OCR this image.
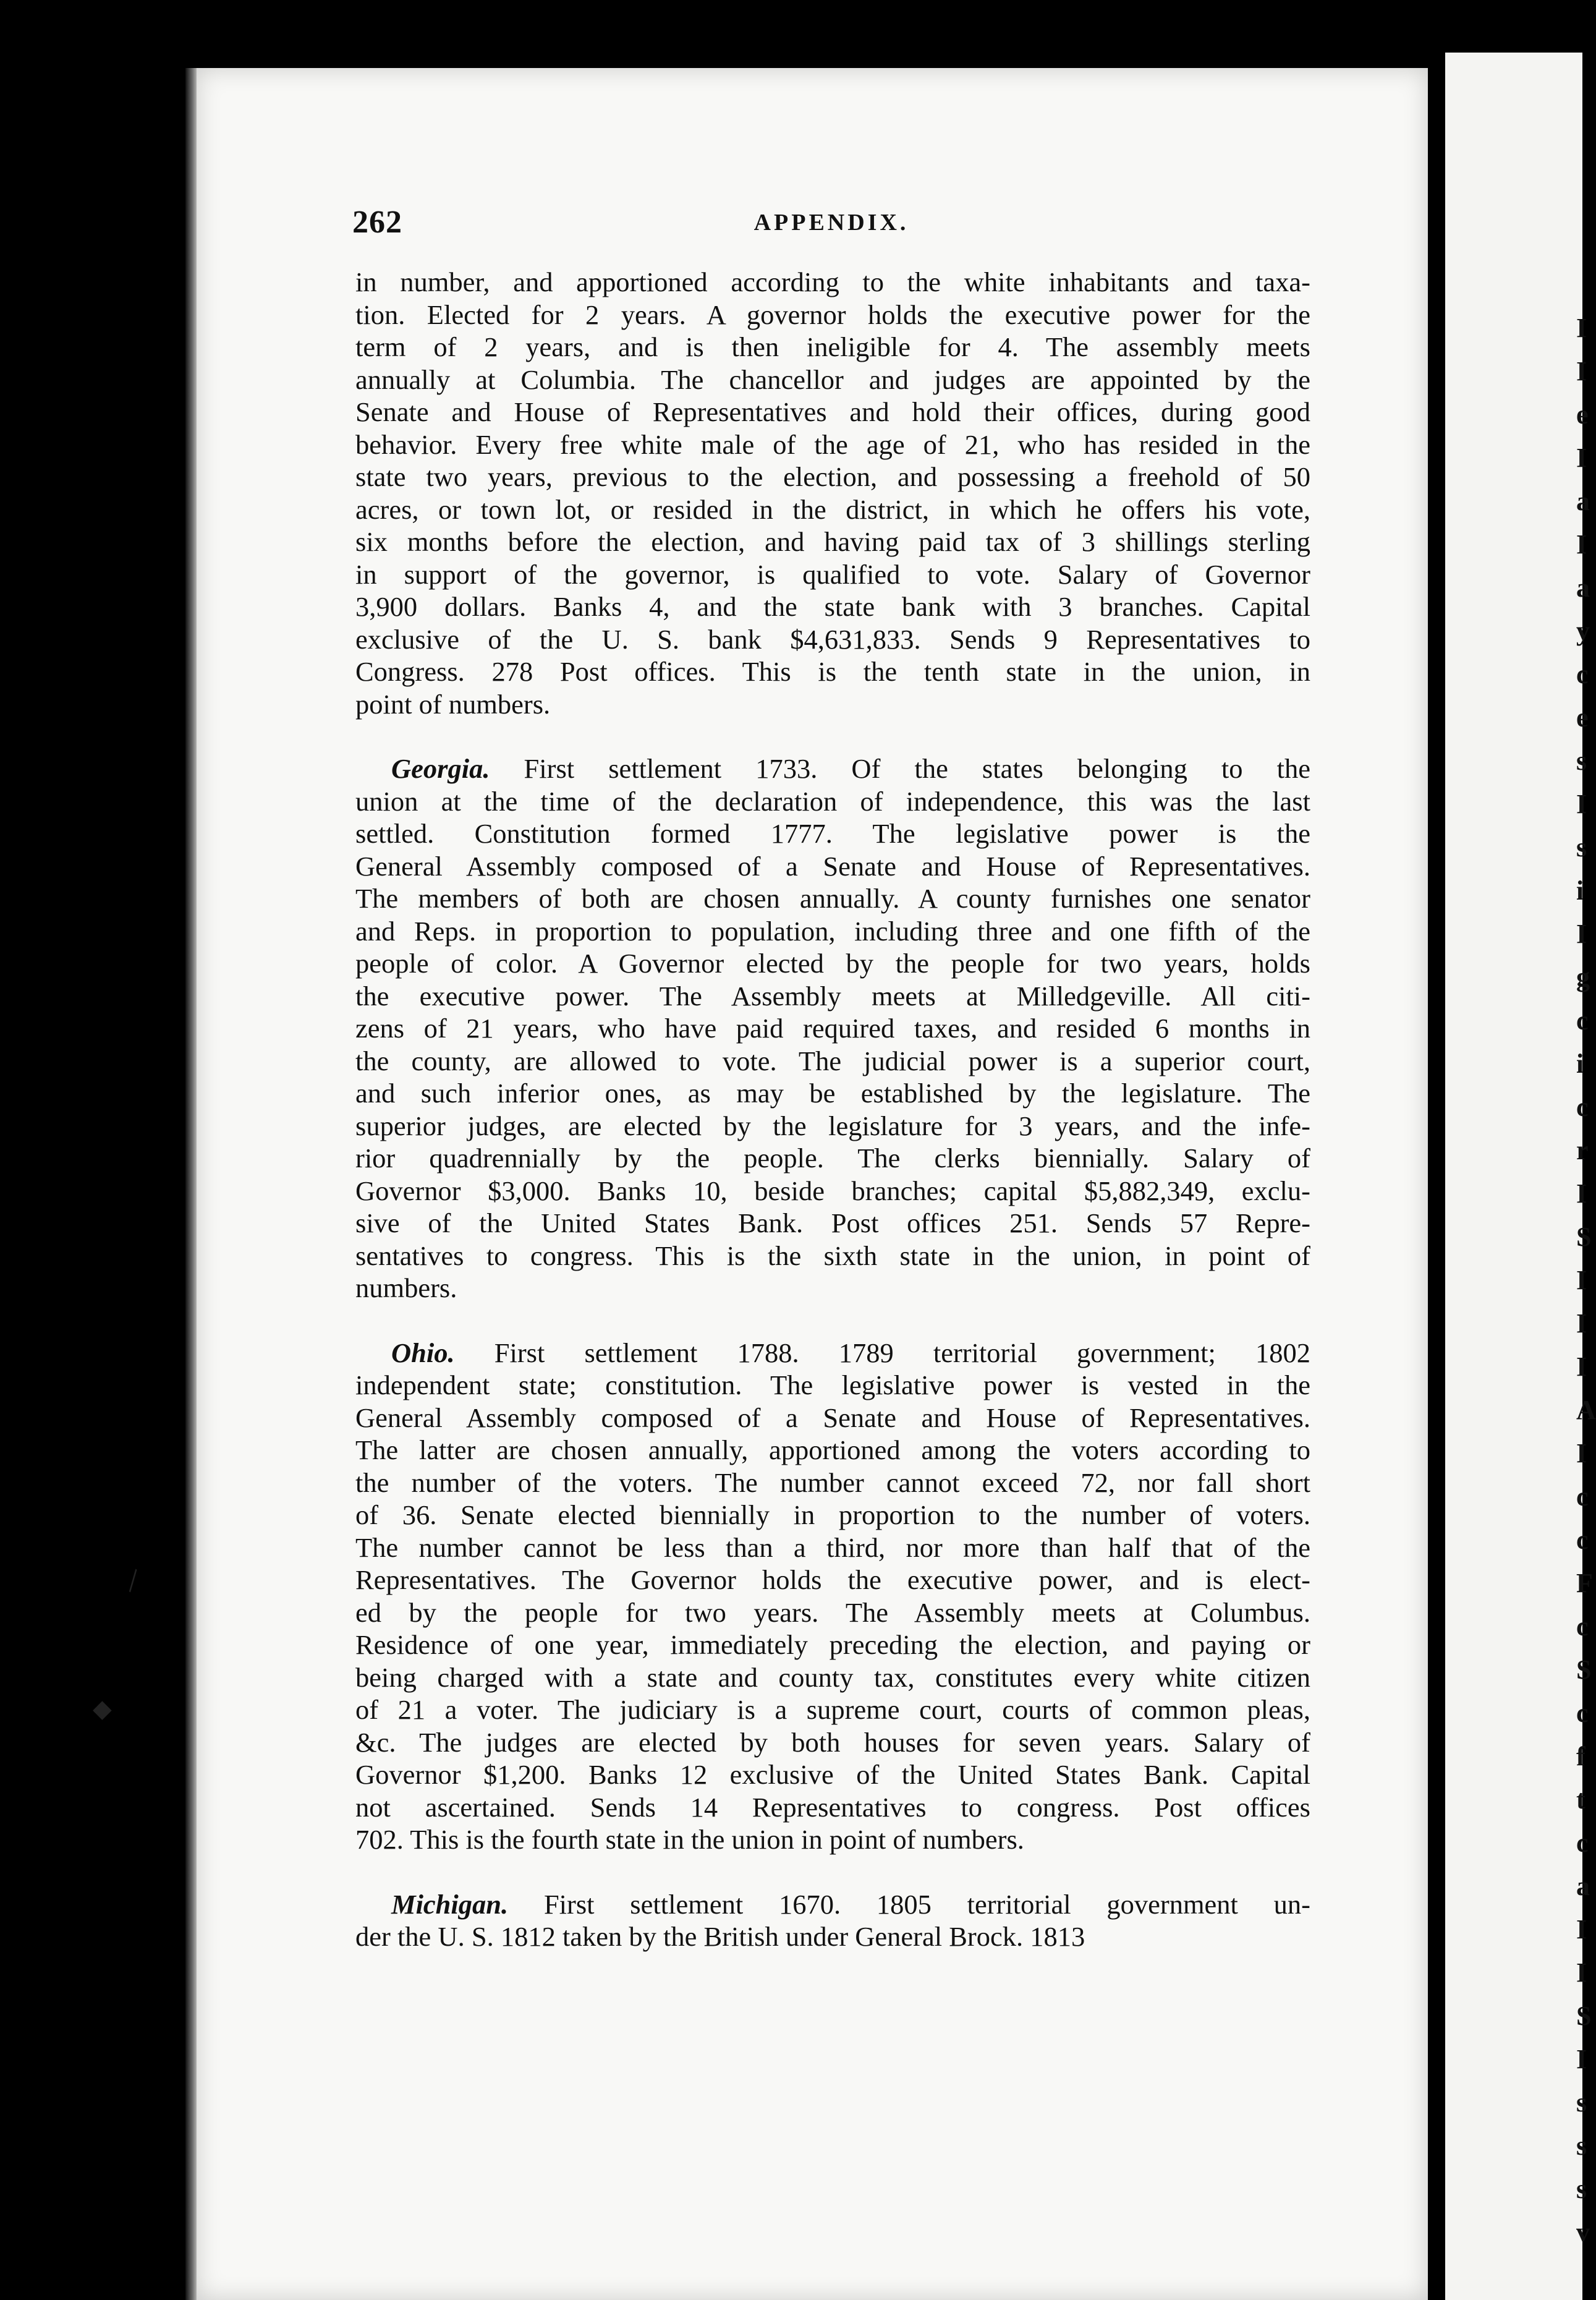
I
I
e
I
a
I
a
y
c
e
s
I
s
i
I
g
c
i
c
r
I
S
I
I
I
A
I
c
c
F
c
S
c
f
t
c
a
I
I
S
I
s
s
s
v
262	APPENDIX.
in number, and apportioned according to the white inhabitants and taxa-
tion. Elected for 2 years. A governor holds the executive power for the
term of 2 years, and is then ineligible for 4. The assembly meets
annually at Columbia. The chancellor and judges are appointed by the
Senate and House of Representatives and hold their offices, during good
behavior. Every free white male of the age of 21, who has resided in the
state two years, previous to the election, and possessing a freehold of 50
acres, or town lot, or resided in the district, in which he offers his vote,
six months before the election, and having paid tax of 3 shillings sterling
in support of the governor, is qualified to vote. Salary of Governor
3,900 dollars. Banks 4, and the state bank with 3 branches. Capital
exclusive of the U. S. bank $4,631,833. Sends 9 Representatives to
Congress. 278 Post offices. This is the tenth state in the union, in
point of numbers.
Georgia. First settlement 1733. Of the states belonging to the
union at the time of the declaration of independence, this was the last
settled. Constitution formed 1777. The legislative power is the
General Assembly composed of a Senate and House of Representatives.
The members of both are chosen annually. A county furnishes one senator
and Reps. in proportion to population, including three and one fifth of the
people of color. A Governor elected by the people for two years, holds
the executive power. The Assembly meets at Milledgeville. All citi-
zens of 21 years, who have paid required taxes, and resided 6 months in
the county, are allowed to vote. The judicial power is a superior court,
and such inferior ones, as may be established by the legislature. The
superior judges, are elected by the legislature for 3 years, and the infe-
rior quadrennially by the people. The clerks biennially. Salary of
Governor $3,000. Banks 10, beside branches; capital $5,882,349, exclu-
sive of the United States Bank. Post offices 251. Sends 57 Repre-
sentatives to congress. This is the sixth state in the union, in point of
numbers.
Ohio. First settlement 1788. 1789 territorial government; 1802
independent state; constitution. The legislative power is vested in the
General Assembly composed of a Senate and House of Representatives.
The latter are chosen annually, apportioned among the voters according to
the number of the voters. The number cannot exceed 72, nor fall short
of 36. Senate elected biennially in proportion to the number of voters.
The number cannot be less than a third, nor more than half that of the
Representatives. The Governor holds the executive power, and is elect-
ed by the people for two years. The Assembly meets at Columbus.
Residence of one year, immediately preceding the election, and paying or
being charged with a state and county tax, constitutes every white citizen
of 21 a voter. The judiciary is a supreme court, courts of common pleas,
&c. The judges are elected by both houses for seven years. Salary of
Governor $1,200. Banks 12 exclusive of the United States Bank. Capital
not ascertained. Sends 14 Representatives to congress. Post offices
702. This is the fourth state in the union in point of numbers.
Michigan. First settlement 1670. 1805 territorial government un-
der the U. S. 1812 taken by the British under General Brock. 1813
\
◆
